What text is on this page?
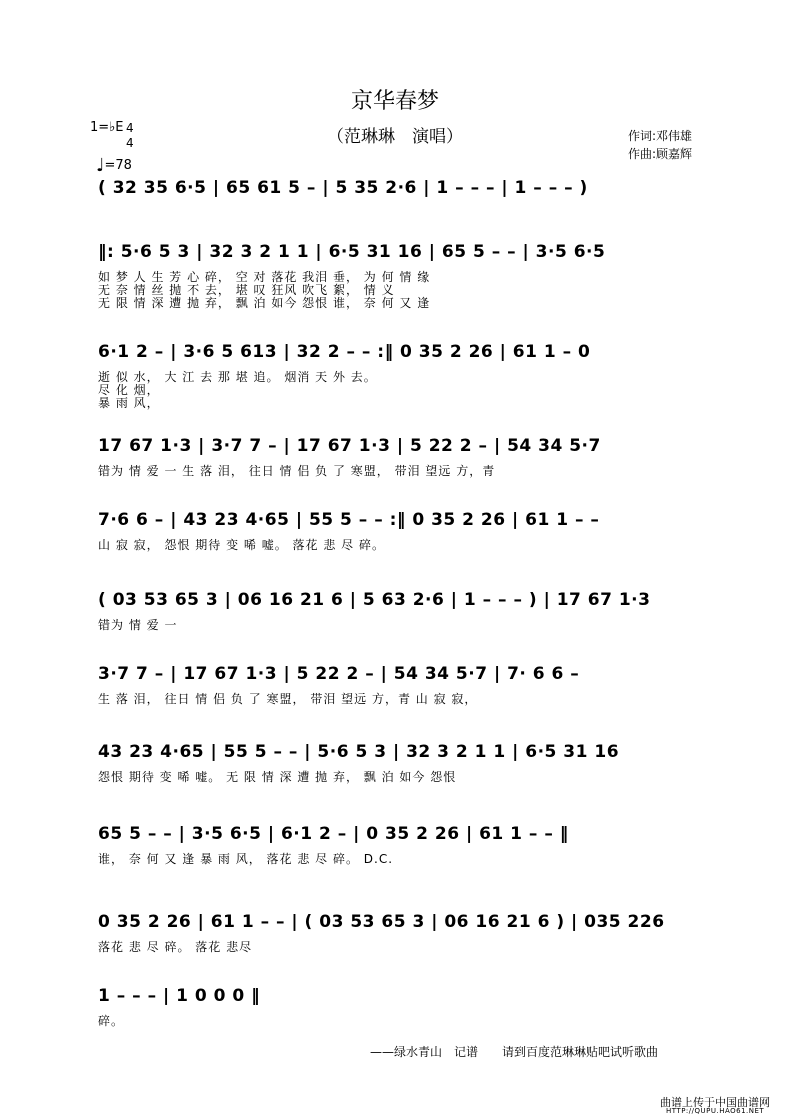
京华春梦
（范琳琳　演唱）	作词:邓伟雄
作曲:顾嘉辉
1=♭E 4
4
♩=78
( 32 35 6·5 | 65 61 5 – | 5 35 2·6 | 1 – – – | 1 – – – )
‖: 5·6 5 3 | 32 3 2 1 1 | 6·5 31 16 | 65 5 – – | 3·5 6·5
如 梦 人 生 芳 心 碎， 空 对 落花 我泪 垂， 为 何 情 缘
无 奈 情 丝 抛 不 去， 堪 叹 狂风 吹飞 絮， 情 义
无 限 情 深 遭 抛 弃， 飘 泊 如今 怨恨 谁， 奈 何 又 逢
6·1 2 – | 3·6 5 613 | 32 2 – – :‖ 0 35 2 26 | 61 1 – 0
逝 似 水， 大 江 去 那 堪 追。 烟消 天 外 去。
尽 化 烟，
暴 雨 风，
17 67 1·3 | 3·7 7 – | 17 67 1·3 | 5 22 2 – | 54 34 5·7
错为 情 爱 一 生 落 泪， 往日 情 侣 负 了 寒盟， 带泪 望远 方，青
7·6 6 – | 43 23 4·65 | 55 5 – – :‖ 0 35 2 26 | 61 1 – –
山 寂 寂， 怨恨 期待 变 唏 嘘。 落花 悲 尽 碎。
( 03 53 65 3 | 06 16 21 6 | 5 63 2·6 | 1 – – – ) | 17 67 1·3
错为 情 爱 一
3·7 7 – | 17 67 1·3 | 5 22 2 – | 54 34 5·7 | 7· 6 6 –
生 落 泪， 往日 情 侣 负 了 寒盟， 带泪 望远 方，青 山 寂 寂，
43 23 4·65 | 55 5 – – | 5·6 5 3 | 32 3 2 1 1 | 6·5 31 16
怨恨 期待 变 唏 嘘。 无 限 情 深 遭 抛 弃， 飘 泊 如今 怨恨
65 5 – – | 3·5 6·5 | 6·1 2 – | 0 35 2 26 | 61 1 – – ‖
谁， 奈 何 又 逢 暴 雨 风， 落花 悲 尽 碎。 D.C.
0 35 2 26 | 61 1 – – | ( 03 53 65 3 | 06 16 21 6 ) | 035 226
落花 悲 尽 碎。 落花 悲尽
1 – – – | 1 0 0 0 ‖
碎。
——绿水青山　记谱　　请到百度范琳琳贴吧试听歌曲
曲谱上传于中国曲谱网
HTTP://QUPU.HAO61.NET
